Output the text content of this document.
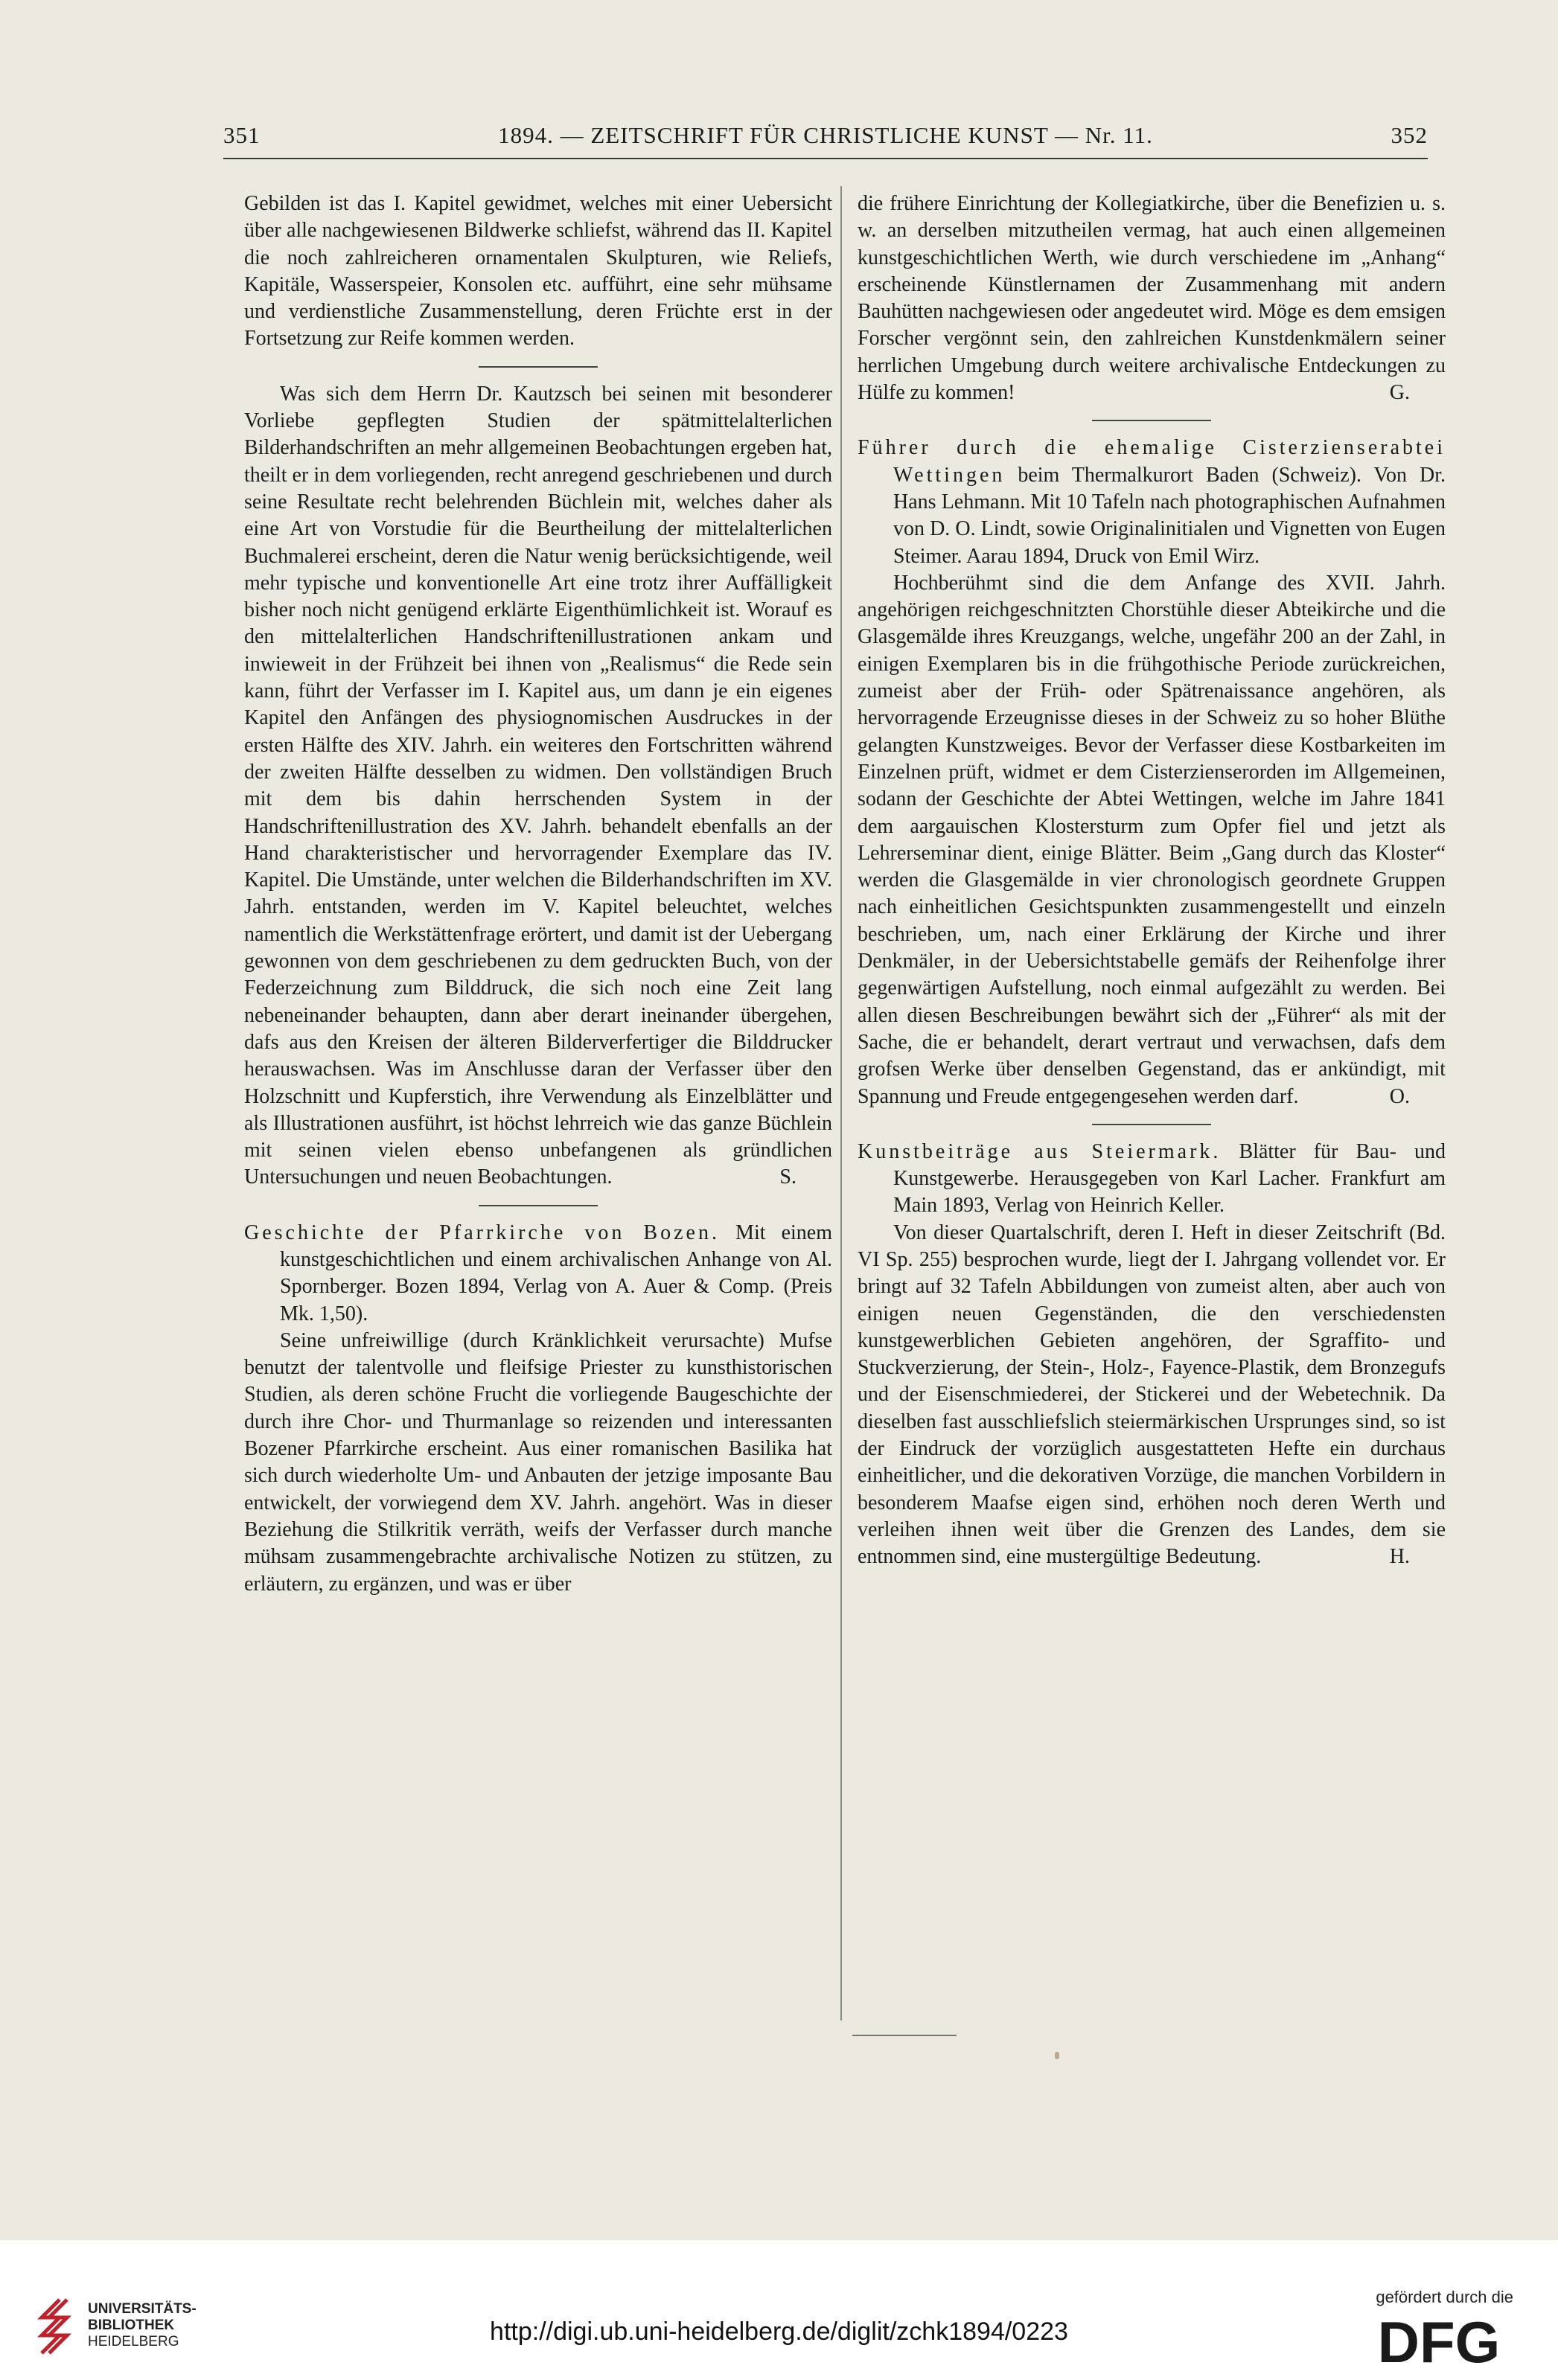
351	1894. — ZEITSCHRIFT FÜR CHRISTLICHE KUNST — Nr. 11.	352

Gebilden ist das I. Kapitel gewidmet, welches mit einer Uebersicht über alle nachgewiesenen Bildwerke schliefst, während das II. Kapitel die noch zahlreicheren ornamentalen Skulpturen, wie Reliefs, Kapitäle, Wasserspeier, Konsolen etc. aufführt, eine sehr mühsame und verdienstliche Zusammenstellung, deren Früchte erst in der Fortsetzung zur Reife kommen werden.

Was sich dem Herrn Dr. Kautzsch bei seinen mit besonderer Vorliebe gepflegten Studien der spätmittelalterlichen Bilderhandschriften an mehr allgemeinen Beobachtungen ergeben hat, theilt er in dem vorliegenden, recht anregend geschriebenen und durch seine Resultate recht belehrenden Büchlein mit, welches daher als eine Art von Vorstudie für die Beurtheilung der mittelalterlichen Buchmalerei erscheint, deren die Natur wenig berücksichtigende, weil mehr typische und konventionelle Art eine trotz ihrer Auffälligkeit bisher noch nicht genügend erklärte Eigenthümlichkeit ist. Worauf es den mittelalterlichen Handschriftenillustrationen ankam und inwieweit in der Frühzeit bei ihnen von „Realismus“ die Rede sein kann, führt der Verfasser im I. Kapitel aus, um dann je ein eigenes Kapitel den Anfängen des physiognomischen Ausdruckes in der ersten Hälfte des XIV. Jahrh. ein weiteres den Fortschritten während der zweiten Hälfte desselben zu widmen. Den vollständigen Bruch mit dem bis dahin herrschenden System in der Handschriftenillustration des XV. Jahrh. behandelt ebenfalls an der Hand charakteristischer und hervorragender Exemplare das IV. Kapitel. Die Umstände, unter welchen die Bilderhandschriften im XV. Jahrh. entstanden, werden im V. Kapitel beleuchtet, welches namentlich die Werkstättenfrage erörtert, und damit ist der Uebergang gewonnen von dem geschriebenen zu dem gedruckten Buch, von der Federzeichnung zum Bilddruck, die sich noch eine Zeit lang nebeneinander behaupten, dann aber derart ineinander übergehen, dafs aus den Kreisen der älteren Bilderverfertiger die Bilddrucker herauswachsen. Was im Anschlusse daran der Verfasser über den Holzschnitt und Kupferstich, ihre Verwendung als Einzelblätter und als Illustrationen ausführt, ist höchst lehrreich wie das ganze Büchlein mit seinen vielen ebenso unbefangenen als gründlichen Untersuchungen und neuen Beobachtungen.	S.

Geschichte der Pfarrkirche von Bozen. Mit einem kunstgeschichtlichen und einem archivalischen Anhange von Al. Spornberger. Bozen 1894, Verlag von A. Auer & Comp. (Preis Mk. 1,50).

Seine unfreiwillige (durch Kränklichkeit verursachte) Mufse benutzt der talentvolle und fleifsige Priester zu kunsthistorischen Studien, als deren schöne Frucht die vorliegende Baugeschichte der durch ihre Chor- und Thurmanlage so reizenden und interessanten Bozener Pfarrkirche erscheint. Aus einer romanischen Basilika hat sich durch wiederholte Um- und Anbauten der jetzige imposante Bau entwickelt, der vorwiegend dem XV. Jahrh. angehört. Was in dieser Beziehung die Stilkritik verräth, weifs der Verfasser durch manche mühsam zusammengebrachte archivalische Notizen zu stützen, zu erläutern, zu ergänzen, und was er über

die frühere Einrichtung der Kollegiatkirche, über die Benefizien u. s. w. an derselben mitzutheilen vermag, hat auch einen allgemeinen kunstgeschichtlichen Werth, wie durch verschiedene im „Anhang“ erscheinende Künstlernamen der Zusammenhang mit andern Bauhütten nachgewiesen oder angedeutet wird. Möge es dem emsigen Forscher vergönnt sein, den zahlreichen Kunstdenkmälern seiner herrlichen Umgebung durch weitere archivalische Entdeckungen zu Hülfe zu kommen!	G.

Führer durch die ehemalige Cisterzienserabtei Wettingen beim Thermalkurort Baden (Schweiz). Von Dr. Hans Lehmann. Mit 10 Tafeln nach photographischen Aufnahmen von D. O. Lindt, sowie Originalinitialen und Vignetten von Eugen Steimer. Aarau 1894, Druck von Emil Wirz.

Hochberühmt sind die dem Anfange des XVII. Jahrh. angehörigen reichgeschnitzten Chorstühle dieser Abteikirche und die Glasgemälde ihres Kreuzgangs, welche, ungefähr 200 an der Zahl, in einigen Exemplaren bis in die frühgothische Periode zurückreichen, zumeist aber der Früh- oder Spätrenaissance angehören, als hervorragende Erzeugnisse dieses in der Schweiz zu so hoher Blüthe gelangten Kunstzweiges. Bevor der Verfasser diese Kostbarkeiten im Einzelnen prüft, widmet er dem Cisterzienserorden im Allgemeinen, sodann der Geschichte der Abtei Wettingen, welche im Jahre 1841 dem aargauischen Klostersturm zum Opfer fiel und jetzt als Lehrerseminar dient, einige Blätter. Beim „Gang durch das Kloster“ werden die Glasgemälde in vier chronologisch geordnete Gruppen nach einheitlichen Gesichtspunkten zusammengestellt und einzeln beschrieben, um, nach einer Erklärung der Kirche und ihrer Denkmäler, in der Uebersichtstabelle gemäfs der Reihenfolge ihrer gegenwärtigen Aufstellung, noch einmal aufgezählt zu werden. Bei allen diesen Beschreibungen bewährt sich der „Führer“ als mit der Sache, die er behandelt, derart vertraut und verwachsen, dafs dem grofsen Werke über denselben Gegenstand, das er ankündigt, mit Spannung und Freude entgegengesehen werden darf.	O.

Kunstbeiträge aus Steiermark. Blätter für Bau- und Kunstgewerbe. Herausgegeben von Karl Lacher. Frankfurt am Main 1893, Verlag von Heinrich Keller.

Von dieser Quartalschrift, deren I. Heft in dieser Zeitschrift (Bd. VI Sp. 255) besprochen wurde, liegt der I. Jahrgang vollendet vor. Er bringt auf 32 Tafeln Abbildungen von zumeist alten, aber auch von einigen neuen Gegenständen, die den verschiedensten kunstgewerblichen Gebieten angehören, der Sgraffito- und Stuckverzierung, der Stein-, Holz-, Fayence-Plastik, dem Bronzegufs und der Eisenschmiederei, der Stickerei und der Webetechnik. Da dieselben fast ausschliefslich steiermärkischen Ursprunges sind, so ist der Eindruck der vorzüglich ausgestatteten Hefte ein durchaus einheitlicher, und die dekorativen Vorzüge, die manchen Vorbildern in besonderem Maafse eigen sind, erhöhen noch deren Werth und verleihen ihnen weit über die Grenzen des Landes, dem sie entnommen sind, eine mustergültige Bedeutung.	H.

UNIVERSITÄTS-
BIBLIOTHEK
HEIDELBERG	http://digi.ub.uni-heidelberg.de/diglit/zchk1894/0223
gefördert durch die
DFG
